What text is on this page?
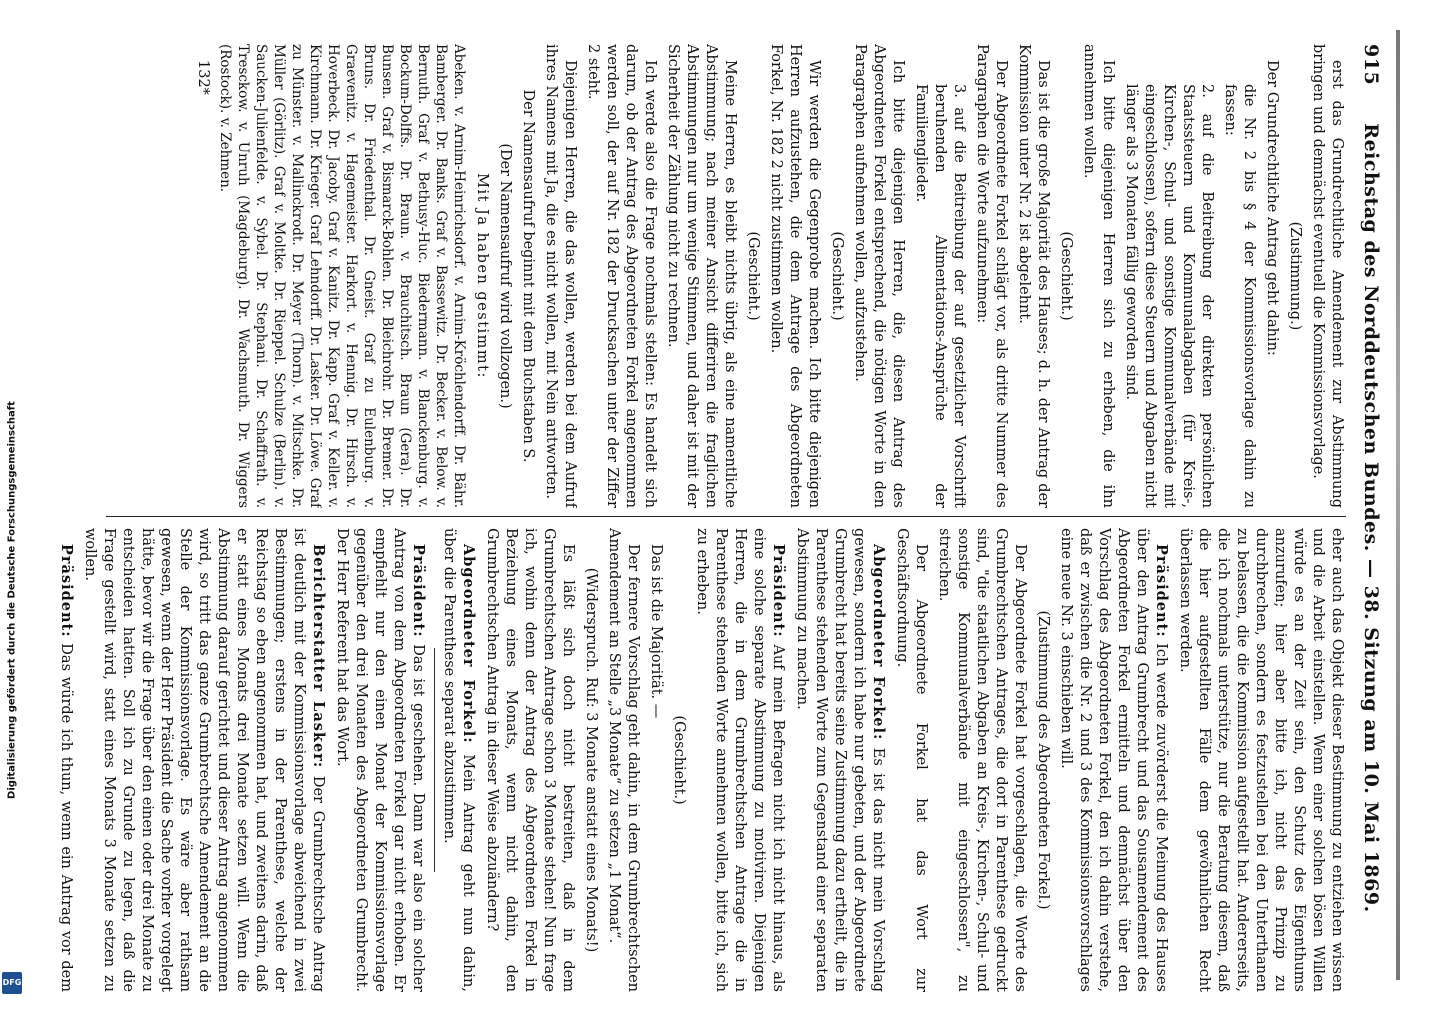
Digitalisierung gefördert durch die Deutsche Forschungsgemeinschaft
DFG
915
Reichstag des Norddeutschen Bundes. — 38. Sitzung am 10. Mai 1869.

erst das Grundrechtliche Amendement zur Abstimmung bringen und demnächst eventuell die Kommissionsvorlage.

(Zustimmung.)

Der Grundrechtliche Antrag geht dahin:

die Nr. 2 bis § 4 der Kommissionsvorlage dahin zu fassen:

2. auf die Beitreibung der direkten persönlichen Staatssteuern und Kommunalabgaben (für Kreis-, Kirchen-, Schul- und sonstige Kommunalverbände mit eingeschlossen), sofern diese Steuern und Abgaben nicht länger als 3 Monaten fällig geworden sind.

Ich bitte diejenigen Herren sich zu erheben, die ihn annehmen wollen.

(Geschieht.)

Das ist die große Majorität des Hauses; d. h. der Antrag der Kommission unter Nr. 2 ist abgelehnt.

Der Abgeordnete Forkel schlägt vor, als dritte Nummer des Paragraphen die Worte aufzunehmen:

3. auf die Beitreibung der auf gesetzlicher Vorschrift beruhenden Alimentations-Ansprüche der Familienglieder.

Ich bitte diejenigen Herren, die, diesen Antrag des Abgeordneten Forkel entsprechend, die nötigen Worte in den Paragraphen aufnehmen wollen, aufzustehen.

(Geschieht.)

Wir werden die Gegenprobe machen. Ich bitte diejenigen Herren aufzustehen, die dem Antrage des Abgeordneten Forkel, Nr. 182 2 nicht zustimmen wollen.

(Geschieht.)

Meine Herren, es bleibt nichts übrig, als eine namentliche Abstimmung; nach meiner Ansicht differiren die fraglichen Abstimmungen nur um wenige Stimmen, und daher ist mit der Sicherheit der Zählung nicht zu rechnen.

Ich werde also die Frage nochmals stellen: Es handelt sich darum, ob der Antrag des Abgeordneten Forkel angenommen werden soll, der auf Nr. 182 der Drucksachen unter der Ziffer 2 steht.

Diejenigen Herren, die das wollen, werden bei dem Aufruf ihres Namens mit Ja, die es nicht wollen, mit Nein antworten.

Der Namensaufruf beginnt mit dem Buchstaben S.

(Der Namensaufruf wird vollzogen.)

Mit Ja haben gestimmt:

Abeken. v. Arnim-Heinrichsdorf. v. Arnim-Kröchlendorff. Dr. Bähr. Bamberger. Dr. Banks. Graf v. Bassewitz. Dr. Becker. v. Below. v. Bernuth. Graf v. Bethusy-Huc. Biedermann. v. Blanckenburg. v. Bockum-Dolffs. Dr. Braun. v. Brauchitsch. Braun (Gera). Dr. Bunsen. Graf v. Bismarck-Bohlen. Dr. Bleichrohr. Dr. Bremer. Dr. Bruns. Dr. Friedenthal. Dr. Gneist. Graf zu Eulenburg. v. Graevenitz. v. Hagemeister. Harkort. v. Hennig. Dr. Hirsch. v. Hoverbeck. Dr. Jacoby. Graf v. Kanitz. Dr. Kapp. Graf v. Keller. v. Kirchmann. Dr. Krieger. Graf Lehndorff. Dr. Lasker. Dr. Löwe. Graf zu Münster. v. Mallinckrodt. Dr. Meyer (Thorn). v. Mitschke. Dr. Müller (Görlitz). Graf v. Moltke. Dr. Rieppel. Schulze (Berlin). v. Saucken-Julienfelde. v. Sybel. Dr. Stephani. Dr. Schaffrath. v. Tresckow. v. Unruh (Magdeburg). Dr. Wachsmuth. Dr. Wiggers (Rostock). v. Zehmen.

132*

eher auch das Objekt dieser Bestimmung zu entziehen wissen und die Arbeit einstellen. Wenn einer solchen bösen Willen würde es an der Zeit sein, den Schutz des Eigenthums anzurufen; hier aber bitte ich, nicht das Prinzip zu durchbrechen, sondern es festzustellen bei den Unterthanen zu belassen, die die Kommission aufgestellt hat. Andererseits, die ich nochmals unterstütze, nur die Beratung diesem, daß die hier aufgestellten Fälle dem gewöhnlichen Recht überlassen werden.

Präsident: Ich werde zuvörderst die Meinung des Hauses über den Antrag Grumbrecht und das Sousamendement des Abgeordneten Forkel ermitteln und demnächst über den Vorschlag des Abgeordneten Forkel, den ich dahin verstehe, daß er zwischen die Nr. 2 und 3 des Kommissionsvorschlages eine neue Nr. 3 einschieben will.

(Zustimmung des Abgeordneten Forkel.)

Der Abgeordnete Forkel hat vorgeschlagen, die Worte des Grumbrechtschen Antrages, die dort in Parenthese gedruckt sind, "die staatlichen Abgaben an Kreis-, Kirchen-, Schul- und sonstige Kommunalverbände mit eingeschlossen", zu streichen.

Der Abgeordnete Forkel hat das Wort zur Geschäftsordnung.

Abgeordneter Forkel: Es ist das nicht mein Vorschlag gewesen, sondern ich habe nur gebeten, und der Abgeordnete Grumbrecht hat bereits seine Zustimmung dazu ertheilt, die in Parenthese stehenden Worte zum Gegenstand einer separaten Abstimmung zu machen.

Präsident: Auf mein Befragen nicht ich nicht hinaus, als eine solche separate Abstimmung zu motiviren. Diejenigen Herren, die in dem Grumbrechtschen Antrage die in Parenthese stehenden Worte annehmen wollen, bitte ich, sich zu erheben.

(Geschieht.)

Das ist die Majorität. —

Der fernere Vorschlag geht dahin, in dem Grumbrechtschen Amendement an Stelle „3 Monate“ zu setzen „1 Monat“.

(Widerspruch. Ruf: 3 Monate anstatt eines Monats!)

Es läßt sich doch nicht bestreiten, daß in dem Grumbrechtschen Antrage schon 3 Monate stehen! Nun frage ich, wohin denn der Antrag des Abgeordneten Forkel in Beziehung eines Monats, wenn nicht dahin, den Grumbrechtschen Antrag in dieser Weise abzuändern?

Abgeordneter Forkel: Mein Antrag geht nun dahin, über die Parenthese separat abzustimmen.

Präsident: Das ist geschehen. Dann war also ein solcher Antrag von dem Abgeordneten Forkel gar nicht erhoben. Er empfiehlt nur den einen Monat der Kommissionsvorlage gegenüber den drei Monaten des Abgeordneten Grumbrecht. Der Herr Referent hat das Wort.

Berichterstatter Lasker: Der Grumbrechtsche Antrag ist deutlich mit der Kommissionsvorlage abweichend in zwei Bestimmungen; erstens in der Parenthese, welche der Reichstag so eben angenommen hat, und zweitens darin, daß er statt eines Monats drei Monate setzen will. Wenn die Abstimmung darauf gerichtet und dieser Antrag angenommen wird, so tritt das ganze Grumbrechtsche Amendement an die Stelle der Kommissionsvorlage. Es wäre aber rathsam gewesen, wenn der Herr Präsident die Sache vorher vorgelegt hätte, bevor wir die Frage über den einen oder drei Monate zu entscheiden hatten. Soll ich zu Grunde zu legen, daß die Frage gestellt wird, statt eines Monats 3 Monate setzen zu wollen.

Präsident: Das würde ich thun, wenn ein Antrag vor dem
